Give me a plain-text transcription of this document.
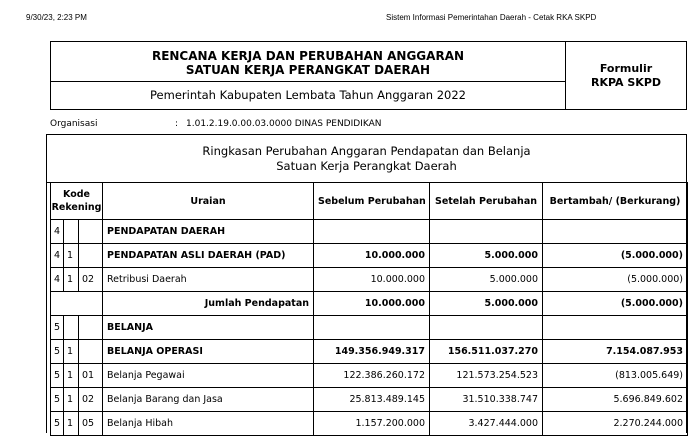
9/30/23, 2:23 PM	Sistem Informasi Pemerintahan Daerah - Cetak RKA SKPD
RENCANA KERJA DAN PERUBAHAN ANGGARAN
SATUAN KERJA PERANGKAT DAERAH
Pemerintah Kabupaten Lembata Tahun Anggaran 2022
Formulir
RKPA SKPD
Organisasi	: 1.01.2.19.0.00.03.0000 DINAS PENDIDIKAN
Ringkasan Perubahan Anggaran Pendapatan dan Belanja
Satuan Kerja Perangkat Daerah
Kode
Rekening			Uraian	Sebelum Perubahan	Setelah Perubahan	Bertambah/ (Berkurang)
4			PENDAPATAN DAERAH			
4	1		PENDAPATAN ASLI DAERAH (PAD)	10.000.000	5.000.000	(5.000.000)
4	1	02	Retribusi Daerah	10.000.000	5.000.000	(5.000.000)
			Jumlah Pendapatan	10.000.000	5.000.000	(5.000.000)
5			BELANJA			
5	1		BELANJA OPERASI	149.356.949.317	156.511.037.270	7.154.087.953
5	1	01	Belanja Pegawai	122.386.260.172	121.573.254.523	(813.005.649)
5	1	02	Belanja Barang dan Jasa	25.813.489.145	31.510.338.747	5.696.849.602
5	1	05	Belanja Hibah	1.157.200.000	3.427.444.000	2.270.244.000
